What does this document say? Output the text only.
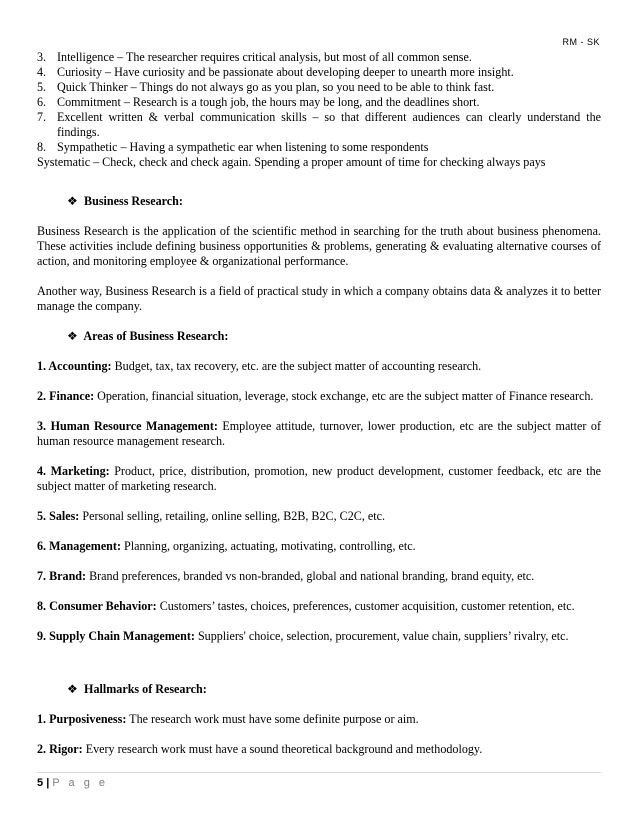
RM - SK
3. Intelligence – The researcher requires critical analysis, but most of all common sense.
4. Curiosity – Have curiosity and be passionate about developing deeper to unearth more insight.
5. Quick Thinker – Things do not always go as you plan, so you need to be able to think fast.
6. Commitment – Research is a tough job, the hours may be long, and the deadlines short.
7. Excellent written & verbal communication skills – so that different audiences can clearly understand the findings.
8. Sympathetic – Having a sympathetic ear when listening to some respondents

Systematic – Check, check and check again. Spending a proper amount of time for checking always pays

❖ Business Research:

Business Research is the application of the scientific method in searching for the truth about business phenomena. These activities include defining business opportunities & problems, generating & evaluating alternative courses of action, and monitoring employee & organizational performance.

Another way, Business Research is a field of practical study in which a company obtains data & analyzes it to better manage the company.

❖ Areas of Business Research:

1. Accounting: Budget, tax, tax recovery, etc. are the subject matter of accounting research.

2. Finance: Operation, financial situation, leverage, stock exchange, etc are the subject matter of Finance research.

3. Human Resource Management: Employee attitude, turnover, lower production, etc are the subject matter of human resource management research.

4. Marketing: Product, price, distribution, promotion, new product development, customer feedback, etc are the subject matter of marketing research.

5. Sales: Personal selling, retailing, online selling, B2B, B2C, C2C, etc.

6. Management: Planning, organizing, actuating, motivating, controlling, etc.

7. Brand: Brand preferences, branded vs non-branded, global and national branding, brand equity, etc.

8. Consumer Behavior: Customers’ tastes, choices, preferences, customer acquisition, customer retention, etc.

9. Supply Chain Management: Suppliers' choice, selection, procurement, value chain, suppliers’ rivalry, etc.

❖ Hallmarks of Research:

1. Purposiveness: The research work must have some definite purpose or aim.

2. Rigor: Every research work must have a sound theoretical background and methodology.

5 | P a g e
